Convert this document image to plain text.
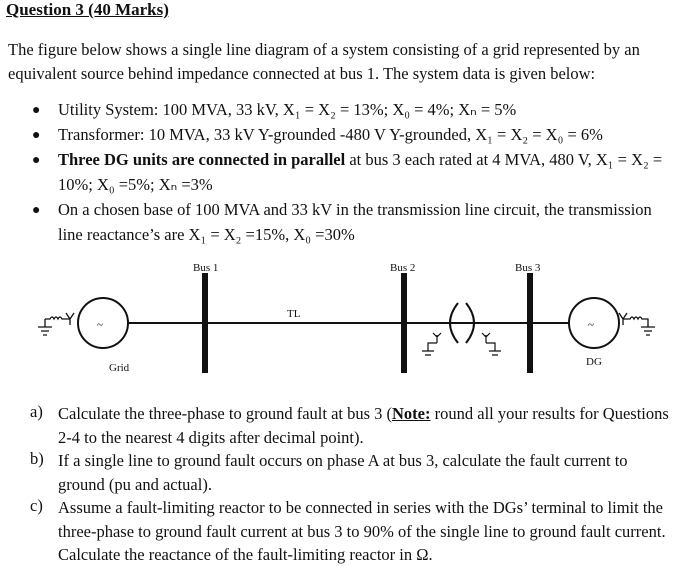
Question 3 (40 Marks)
The figure below shows a single line diagram of a system consisting of a grid represented by an
equivalent source behind impedance connected at bus 1. The system data is given below:
● Utility System: 100 MVA, 33 kV, X₁ = X₂ = 13%; X₀ = 4%; Xₙ = 5%
● Transformer: 10 MVA, 33 kV Y-grounded -480 V Y-grounded, X₁ = X₂ = X₀ = 6%
● Three DG units are connected in parallel at bus 3 each rated at 4 MVA, 480 V, X₁ = X₂ = 10%; X₀ =5%; Xₙ =3%
● On a chosen base of 100 MVA and 33 kV in the transmission line circuit, the transmission line reactance’s are X₁ = X₂ =15%, X₀ =30%
~	~
Bus 1	Bus 2	Bus 3
TL
Grid	DG
a) Calculate the three-phase to ground fault at bus 3 (Note: round all your results for Questions 2-4 to the nearest 4 digits after decimal point).
b) If a single line to ground fault occurs on phase A at bus 3, calculate the fault current to ground (pu and actual).
c) Assume a fault-limiting reactor to be connected in series with the DGs’ terminal to limit the three-phase to ground fault current at bus 3 to 90% of the single line to ground fault current. Calculate the reactance of the fault-limiting reactor in Ω.
